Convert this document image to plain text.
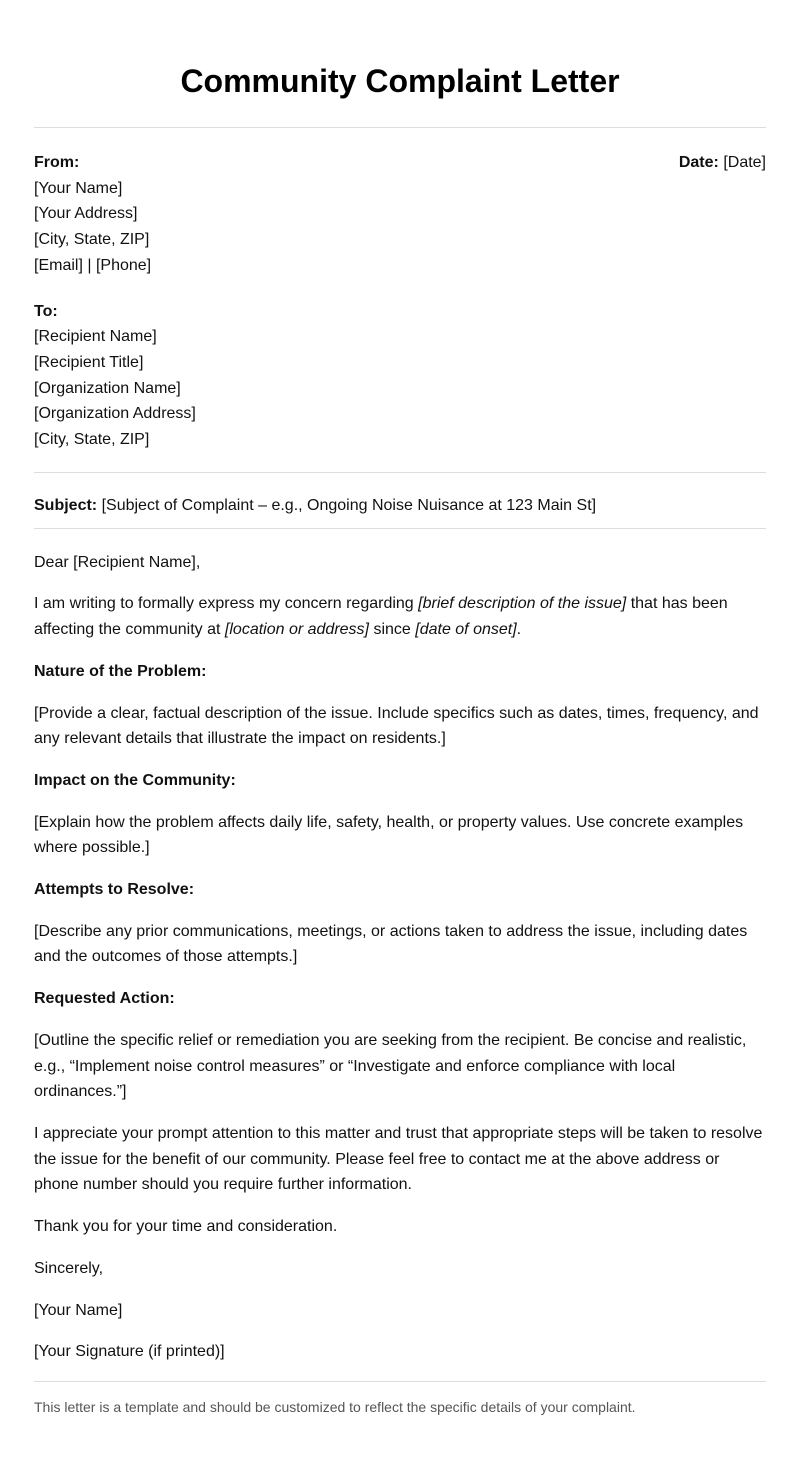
Community Complaint Letter
From:
[Your Name]
[Your Address]
[City, State, ZIP]
[Email] | [Phone]
Date: [Date]
To:
[Recipient Name]
[Recipient Title]
[Organization Name]
[Organization Address]
[City, State, ZIP]
Subject: [Subject of Complaint – e.g., Ongoing Noise Nuisance at 123 Main St]

Dear [Recipient Name],

I am writing to formally express my concern regarding [brief description of the issue] that has been affecting the community at [location or address] since [date of onset].

Nature of the Problem:

[Provide a clear, factual description of the issue. Include specifics such as dates, times, frequency, and any relevant details that illustrate the impact on residents.]

Impact on the Community:

[Explain how the problem affects daily life, safety, health, or property values. Use concrete examples where possible.]

Attempts to Resolve:

[Describe any prior communications, meetings, or actions taken to address the issue, including dates and the outcomes of those attempts.]

Requested Action:

[Outline the specific relief or remediation you are seeking from the recipient. Be concise and realistic, e.g., “Implement noise control measures” or “Investigate and enforce compliance with local ordinances.”]

I appreciate your prompt attention to this matter and trust that appropriate steps will be taken to resolve the issue for the benefit of our community. Please feel free to contact me at the above address or phone number should you require further information.

Thank you for your time and consideration.

Sincerely,

[Your Name]

[Your Signature (if printed)]

This letter is a template and should be customized to reflect the specific details of your complaint.
